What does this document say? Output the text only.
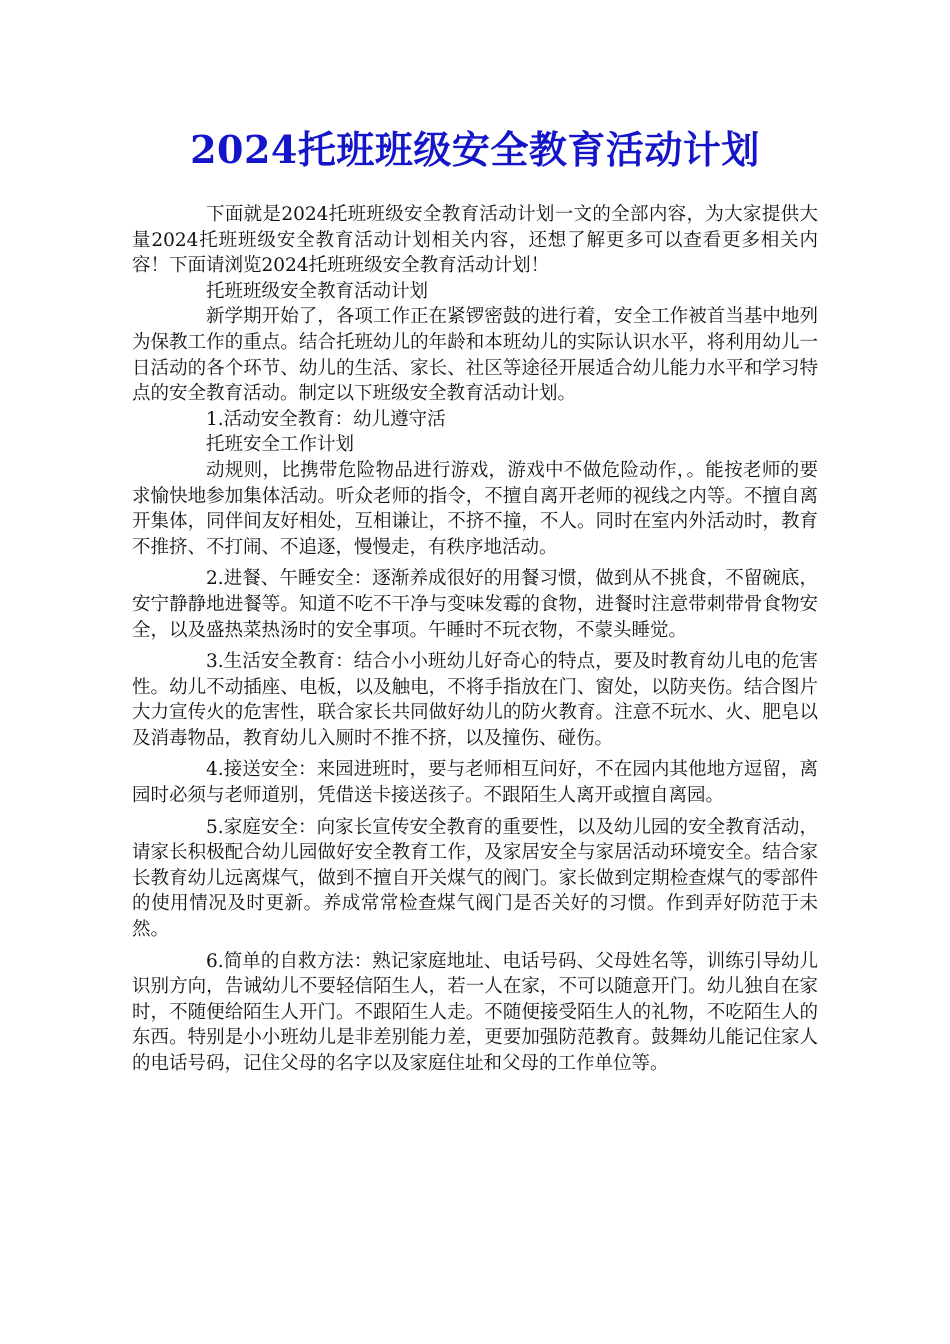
2024托班班级安全教育活动计划

下面就是2024托班班级安全教育活动计划一文的全部内容，为大家提供大量2024托班班级安全教育活动计划相关内容，还想了解更多可以查看更多相关内容！下面请浏览2024托班班级安全教育活动计划！

托班班级安全教育活动计划

新学期开始了，各项工作正在紧锣密鼓的进行着，安全工作被首当基中地列为保教工作的重点。结合托班幼儿的年龄和本班幼儿的实际认识水平，将利用幼儿一日活动的各个环节、幼儿的生活、家长、社区等途径开展适合幼儿能力水平和学习特点的安全教育活动。制定以下班级安全教育活动计划。

1.活动安全教育：幼儿遵守活

托班安全工作计划

动规则，比携带危险物品进行游戏，游戏中不做危险动作，。能按老师的要求愉快地参加集体活动。听众老师的指令，不擅自离开老师的视线之内等。不擅自离开集体，同伴间友好相处，互相谦让，不挤不撞，不人。同时在室内外活动时，教育不推挤、不打闹、不追逐，慢慢走，有秩序地活动。

2.进餐、午睡安全：逐渐养成很好的用餐习惯，做到从不挑食，不留碗底，安宁静静地进餐等。知道不吃不干净与变味发霉的食物，进餐时注意带刺带骨食物安全，以及盛热菜热汤时的安全事项。午睡时不玩衣物，不蒙头睡觉。

3.生活安全教育：结合小小班幼儿好奇心的特点，要及时教育幼儿电的危害性。幼儿不动插座、电板，以及触电，不将手指放在门、窗处，以防夹伤。结合图片大力宣传火的危害性，联合家长共同做好幼儿的防火教育。注意不玩水、火、肥皂以及消毒物品，教育幼儿入厕时不推不挤，以及撞伤、碰伤。

4.接送安全：来园进班时，要与老师相互问好，不在园内其他地方逗留，离园时必须与老师道别，凭借送卡接送孩子。不跟陌生人离开或擅自离园。

5.家庭安全：向家长宣传安全教育的重要性，以及幼儿园的安全教育活动，请家长积极配合幼儿园做好安全教育工作，及家居安全与家居活动环境安全。结合家长教育幼儿远离煤气，做到不擅自开关煤气的阀门。家长做到定期检查煤气的零部件的使用情况及时更新。养成常常检查煤气阀门是否关好的习惯。作到弄好防范于未然。

6.简单的自救方法：熟记家庭地址、电话号码、父母姓名等，训练引导幼儿识别方向，告诫幼儿不要轻信陌生人，若一人在家，不可以随意开门。幼儿独自在家时，不随便给陌生人开门。不跟陌生人走。不随便接受陌生人的礼物，不吃陌生人的东西。特别是小小班幼儿是非差别能力差，更要加强防范教育。鼓舞幼儿能记住家人的电话号码，记住父母的名字以及家庭住址和父母的工作单位等。
